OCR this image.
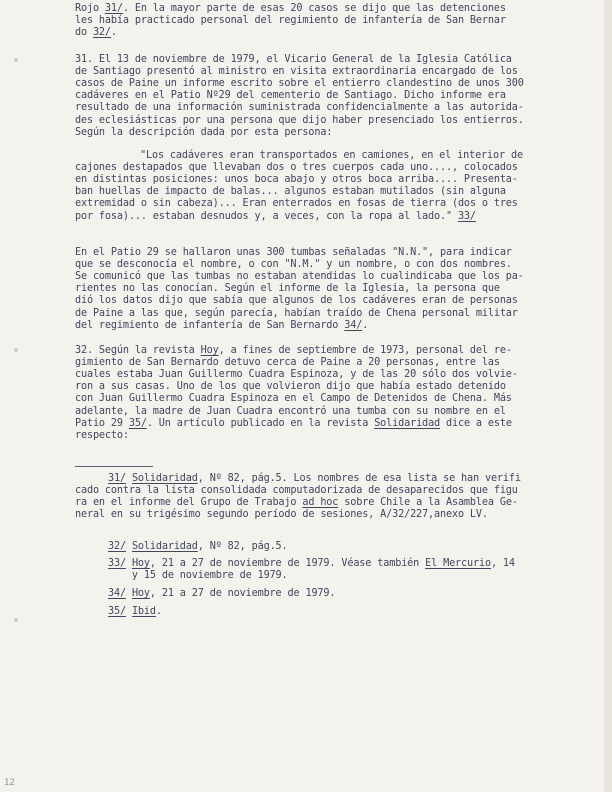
Rojo 31/. En la mayor parte de esas 20 casos se dijo que las detenciones
les había practicado personal del regimiento de infantería de San Bernar
do 32/.
31. El 13 de noviembre de 1979, el Vicario General de la Iglesia Católica
de Santiago presentó al ministro en visita extraordinaria encargado de los
casos de Paine un informe escrito sobre el entierro clandestino de unos 300
cadáveres en el Patio Nº29 del cementerio de Santiago. Dicho informe era
resultado de una información suministrada confidencialmente a las autorida-
des eclesiásticas por una persona que dijo haber presenciado los entierros.
Según la descripción dada por esta persona:
"Los cadáveres eran transportados en camiones, en el interior de
cajones destapados que llevaban dos o tres cuerpos cada uno...., colocados
en distintas posiciones: unos boca abajo y otros boca arriba.... Presenta-
ban huellas de impacto de balas... algunos estaban mutilados (sin alguna
extremidad o sin cabeza)... Eran enterrados en fosas de tierra (dos o tres
por fosa)... estaban desnudos y, a veces, con la ropa al lado." 33/
En el Patio 29 se hallaron unas 300 tumbas señaladas "N.N.", para indicar
que se desconocía el nombre, o con "N.M." y un nombre, o con dos nombres.
Se comunicó que las tumbas no estaban atendidas lo cualindicaba que los pa-
rientes no las conocían. Según el informe de la Iglesia, la persona que
dió los datos dijo que sabía que algunos de los cadáveres eran de personas
de Paine a las que, según parecía, habían traído de Chena personal militar
del regimiento de infantería de San Bernardo 34/.
32. Según la revista Hoy, a fines de septiembre de 1973, personal del re-
gimiento de San Bernardo detuvo cerca de Paine a 20 personas, entre las
cuales estaba Juan Guillermo Cuadra Espinoza, y de las 20 sólo dos volvie-
ron a sus casas. Uno de los que volvieron dijo que había estado detenido
con Juan Guillermo Cuadra Espinoza en el Campo de Detenidos de Chena. Más
adelante, la madre de Juan Cuadra encontró una tumba con su nombre en el
Patio 29 35/. Un artículo publicado en la revista Solidaridad dice a este
respecto:
31/ Solidaridad, Nº 82, pág.5. Los nombres de esa lista se han verifi
cado contra la lista consolidada computadorizada de desaparecidos que figu
ra en el informe del Grupo de Trabajo ad hoc sobre Chile a la Asamblea Ge-
neral en su trigésimo segundo período de sesiones, A/32/227,anexo LV.
32/ Solidaridad, Nº 82, pág.5.
33/ Hoy, 21 a 27 de noviembre de 1979. Véase también El Mercurio, 14
y 15 de noviembre de 1979.
34/ Hoy, 21 a 27 de noviembre de 1979.
35/ Ibid.
12
